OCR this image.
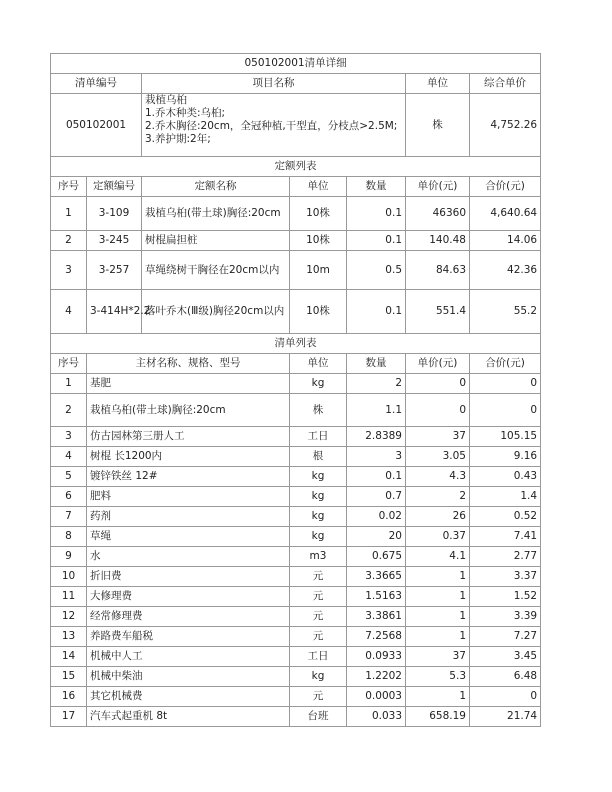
050102001清单详细						
清单编号		项目名称			单位	综合单价
050102001		栽植乌桕
1.乔木种类:乌桕;
2.乔木胸径:20cm，全冠种植,干型直，分枝点>2.5M;
3.养护期:2年;			株	4,752.26
定额列表						
序号	定额编号	定额名称	单位	数量	单价(元)	合价(元)
1	3-109	栽植乌桕(带土球)胸径:20cm	10株	0.1	46360	4,640.64
2	3-245	树棍扁担桩	10株	0.1	140.48	14.06
3	3-257	草绳绕树干胸径在20cm以内	10m	0.5	84.63	42.36
4	3-414H*2.2	落叶乔木(Ⅲ级)胸径20cm以内	10株	0.1	551.4	55.2
清单列表						
序号	主材名称、规格、型号		单位	数量	单价(元)	合价(元)
1	基肥		kg	2	0	0
2	栽植乌桕(带土球)胸径:20cm		株	1.1	0	0
3	仿古园林第三册人工		工日	2.8389	37	105.15
4	树棍 长1200内		根	3	3.05	9.16
5	镀锌铁丝 12#		kg	0.1	4.3	0.43
6	肥料		kg	0.7	2	1.4
7	药剂		kg	0.02	26	0.52
8	草绳		kg	20	0.37	7.41
9	水		m3	0.675	4.1	2.77
10	折旧费		元	3.3665	1	3.37
11	大修理费		元	1.5163	1	1.52
12	经常修理费		元	3.3861	1	3.39
13	养路费车船税		元	7.2568	1	7.27
14	机械中人工		工日	0.0933	37	3.45
15	机械中柴油		kg	1.2202	5.3	6.48
16	其它机械费		元	0.0003	1	0
17	汽车式起重机 8t		台班	0.033	658.19	21.74
